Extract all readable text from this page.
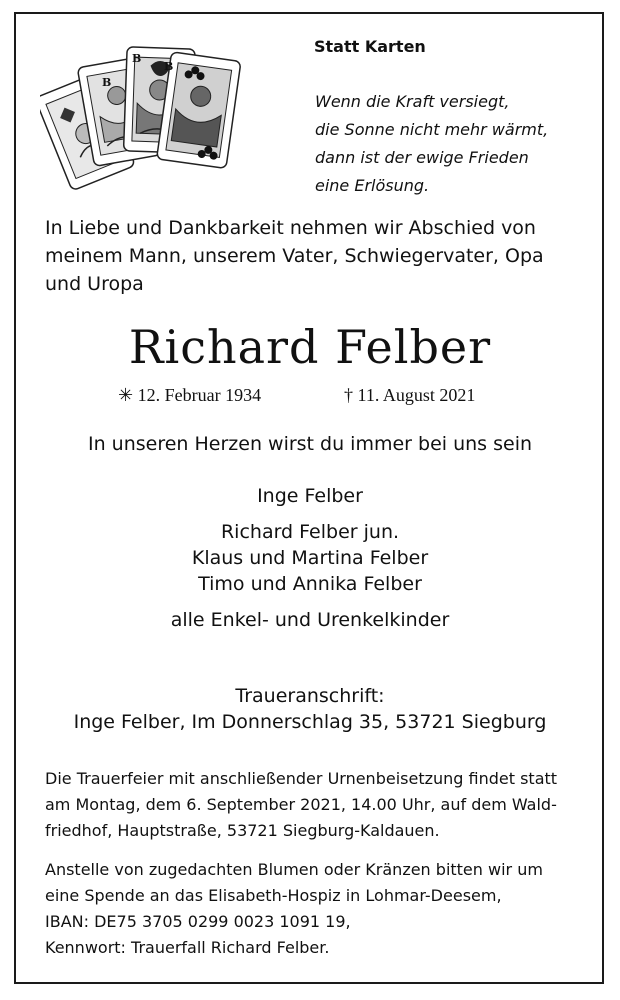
B
B
B
Statt Karten
Wenn die Kraft versiegt,
die Sonne nicht mehr wärmt,
dann ist der ewige Frieden
eine Erlösung.
In Liebe und Dankbarkeit nehmen wir Abschied von
meinem Mann, unserem Vater, Schwiegervater, Opa
und Uropa
Richard Felber
✳ 12. Februar 1934	† 11. August 2021
In unseren Herzen wirst du immer bei uns sein
Inge Felber
Richard Felber jun.
Klaus und Martina Felber
Timo und Annika Felber
alle Enkel- und Urenkelkinder
Traueranschrift:
Inge Felber, Im Donnerschlag 35, 53721 Siegburg
Die Trauerfeier mit anschließender Urnenbeisetzung findet statt
am Montag, dem 6. September 2021, 14.00 Uhr, auf dem Wald-
friedhof, Hauptstraße, 53721 Siegburg-Kaldauen.
Anstelle von zugedachten Blumen oder Kränzen bitten wir um
eine Spende an das Elisabeth-Hospiz in Lohmar-Deesem,
IBAN: DE75 3705 0299 0023 1091 19,
Kennwort: Trauerfall Richard Felber.
